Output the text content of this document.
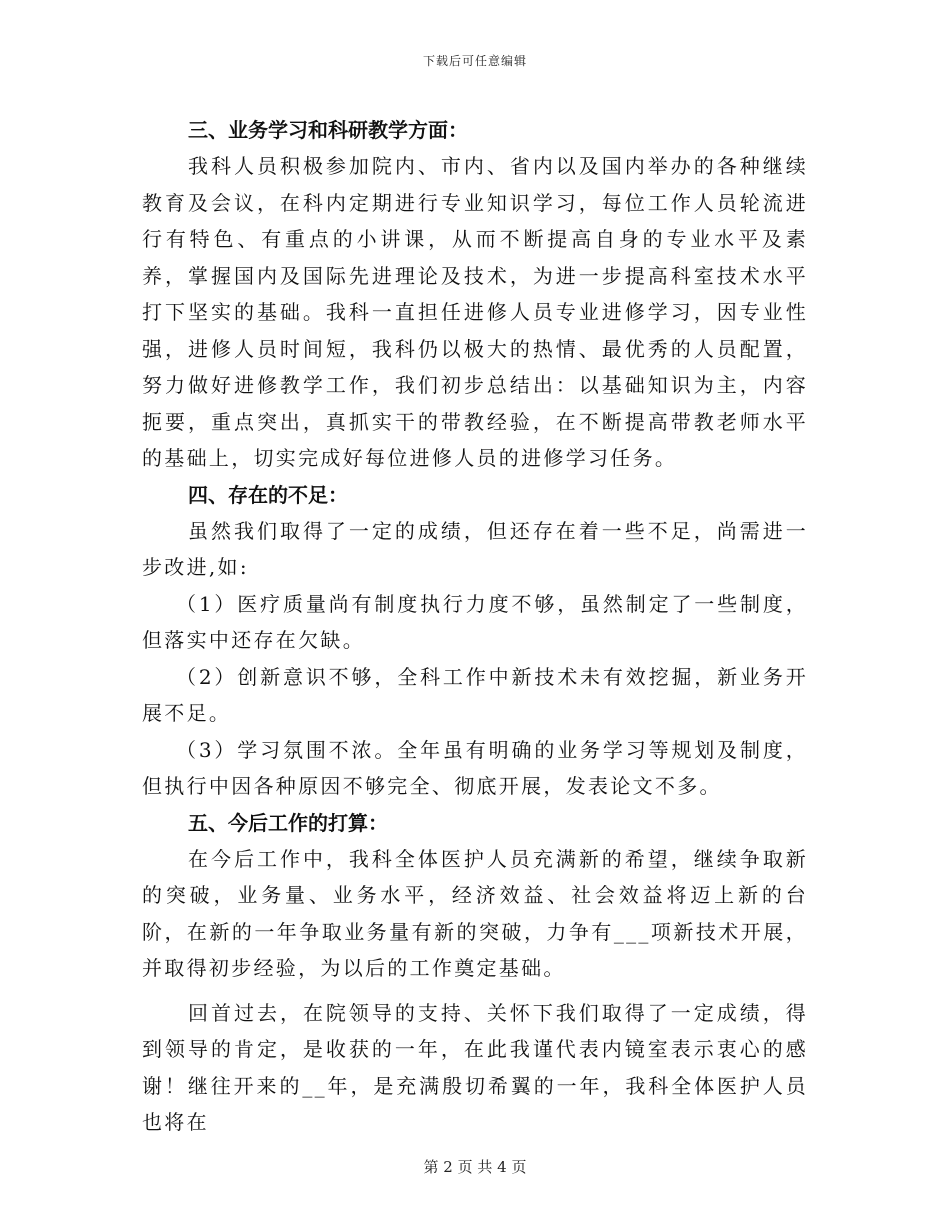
下载后可任意编辑
三、业务学习和科研教学方面：

我科人员积极参加院内、市内、省内以及国内举办的各种继续教育及会议，在科内定期进行专业知识学习，每位工作人员轮流进行有特色、有重点的小讲课，从而不断提高自身的专业水平及素养，掌握国内及国际先进理论及技术，为进一步提高科室技术水平打下坚实的基础。我科一直担任进修人员专业进修学习，因专业性强，进修人员时间短，我科仍以极大的热情、最优秀的人员配置，努力做好进修教学工作，我们初步总结出：以基础知识为主，内容扼要，重点突出，真抓实干的带教经验，在不断提高带教老师水平的基础上，切实完成好每位进修人员的进修学习任务。

四、存在的不足：

虽然我们取得了一定的成绩，但还存在着一些不足，尚需进一步改进,如:

（1）医疗质量尚有制度执行力度不够，虽然制定了一些制度，但落实中还存在欠缺。

（2）创新意识不够，全科工作中新技术未有效挖掘，新业务开展不足。

（3）学习氛围不浓。全年虽有明确的业务学习等规划及制度，但执行中因各种原因不够完全、彻底开展，发表论文不多。

五、今后工作的打算：

在今后工作中，我科全体医护人员充满新的希望，继续争取新的突破，业务量、业务水平，经济效益、社会效益将迈上新的台阶，在新的一年争取业务量有新的突破，力争有___项新技术开展，并取得初步经验，为以后的工作奠定基础。

回首过去，在院领导的支持、关怀下我们取得了一定成绩，得到领导的肯定，是收获的一年，在此我谨代表内镜室表示衷心的感谢！继往开来的__年，是充满殷切希翼的一年，我科全体医护人员也将在

第 2 页 共 4 页
